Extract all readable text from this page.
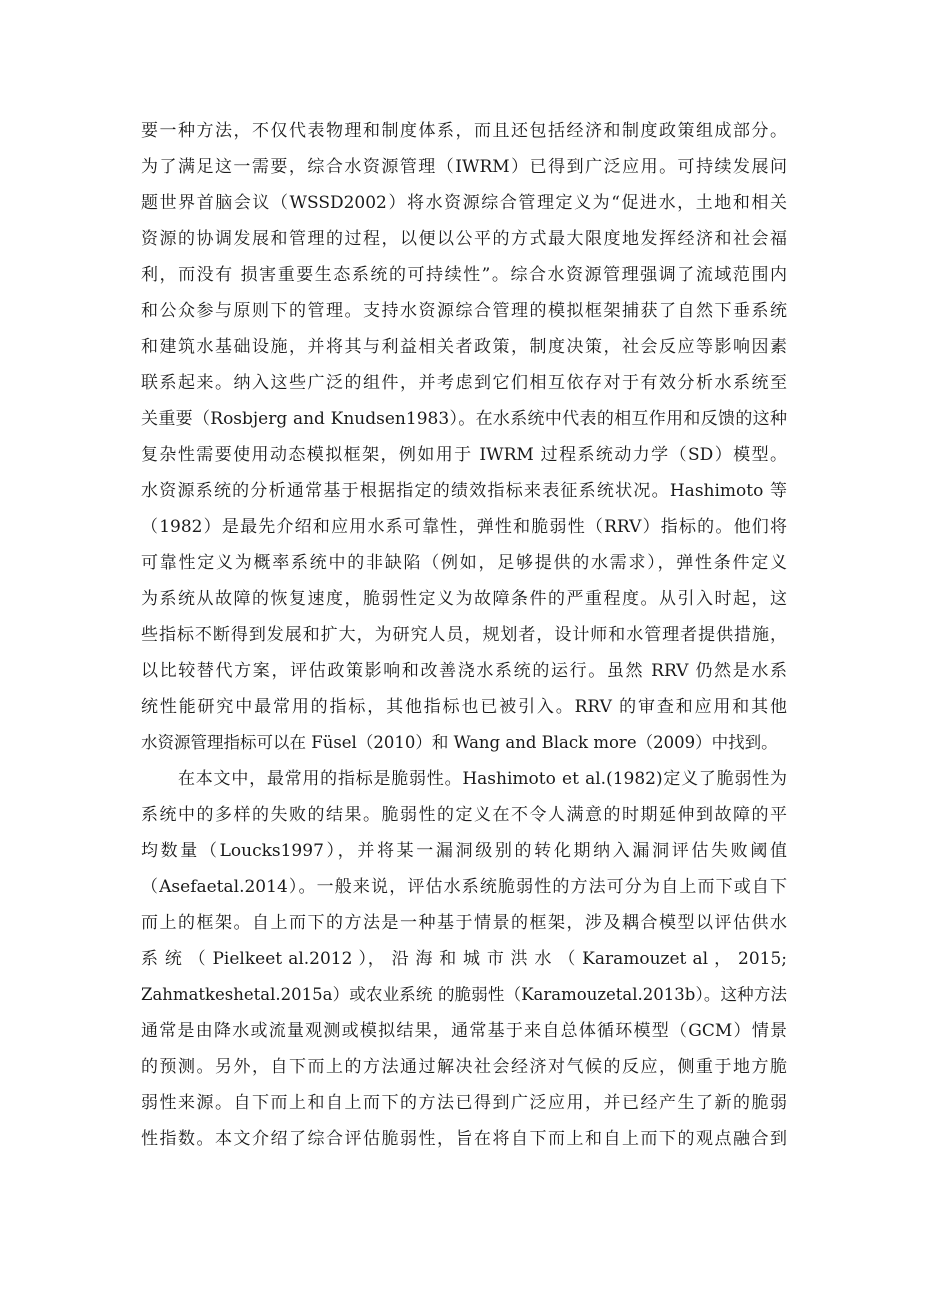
要一种方法，不仅代表物理和制度体系，而且还包括经济和制度政策组成部分。

为了满足这一需要，综合水资源管理（IWRM）已得到广泛应用。可持续发展问

题世界首脑会议（WSSD2002）将水资源综合管理定义为“促进水，土地和相关

资源的协调发展和管理的过程，以便以公平的方式最大限度地发挥经济和社会福

利，而没有 损害重要生态系统的可持续性”。综合水资源管理强调了流域范围内

和公众参与原则下的管理。支持水资源综合管理的模拟框架捕获了自然下垂系统

和建筑水基础设施，并将其与利益相关者政策，制度决策，社会反应等影响因素

联系起来。纳入这些广泛的组件，并考虑到它们相互依存对于有效分析水系统至

关重要（Rosbjerg and Knudsen1983）。在水系统中代表的相互作用和反馈的这种

复杂性需要使用动态模拟框架，例如用于 IWRM 过程系统动力学（SD）模型。

水资源系统的分析通常基于根据指定的绩效指标来表征系统状况。Hashimoto 等

（1982）是最先介绍和应用水系可靠性，弹性和脆弱性（RRV）指标的。他们将

可靠性定义为概率系统中的非缺陷（例如，足够提供的水需求），弹性条件定义

为系统从故障的恢复速度，脆弱性定义为故障条件的严重程度。从引入时起，这

些指标不断得到发展和扩大，为研究人员，规划者，设计师和水管理者提供措施，

以比较替代方案，评估政策影响和改善浇水系统的运行。虽然 RRV 仍然是水系

统性能研究中最常用的指标，其他指标也已被引入。RRV 的审查和应用和其他

水资源管理指标可以在 Füsel（2010）和 Wang and Black more（2009）中找到。

在本文中，最常用的指标是脆弱性。Hashimoto et al.(1982)定义了脆弱性为

系统中的多样的失败的结果。脆弱性的定义在不令人满意的时期延伸到故障的平

均数量（Loucks1997），并将某一漏洞级别的转化期纳入漏洞评估失败阈值

（Asefaetal.2014）。一般来说，评估水系统脆弱性的方法可分为自上而下或自下

而上的框架。自上而下的方法是一种基于情景的框架，涉及耦合模型以评估供水

系 统 （ Pielkeet al.2012 ）， 沿 海 和 城 市 洪 水 （ Karamouzet al ， 2015;

Zahmatkeshetal.2015a）或农业系统 的脆弱性（Karamouzetal.2013b）。这种方法

通常是由降水或流量观测或模拟结果，通常基于来自总体循环模型（GCM）情景

的预测。另外，自下而上的方法通过解决社会经济对气候的反应，侧重于地方脆

弱性来源。自下而上和自上而下的方法已得到广泛应用，并已经产生了新的脆弱

性指数。本文介绍了综合评估脆弱性，旨在将自下而上和自上而下的观点融合到
